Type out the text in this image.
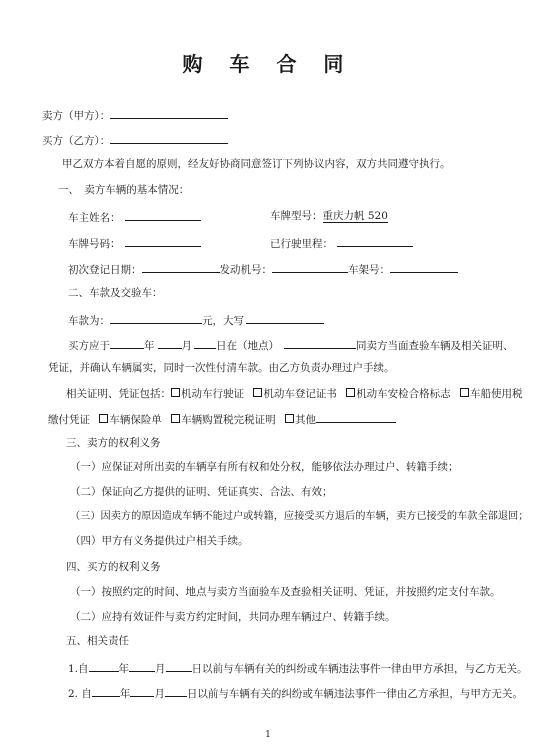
购 车 合 同
卖方（甲方）：
买方（乙方）：
甲乙双方本着自愿的原则，经友好协商同意签订下列协议内容，双方共同遵守执行。
一、　卖方车辆的基本情况：
车主姓名：	车牌型号：重庆力帆 520
车牌号码：	已行驶里程：
初次登记日期：	发动机号：	车架号：
二、车款及交验车：
车款为：	元，大写
买方应于	年	月 日在（地点）	同卖方当面查验车辆及相关证明、
凭证，并确认车辆属实，同时一次性付清车款。由乙方负责办理过户手续。
相关证明、凭证包括： 机动车行驶证 机动车登记证书 机动车安检合格标志 车船使用税
缴付凭证 车辆保险单 车辆购置税完税证明 其他
三、卖方的权利义务
（一）应保证对所出卖的车辆享有所有权和处分权，能够依法办理过户、转籍手续；
（二）保证向乙方提供的证明、凭证真实、合法、有效；
（三）因卖方的原因造成车辆不能过户或转籍，应接受买方退后的车辆，卖方已接受的车款全部退回；
（四）甲方有义务提供过户相关手续。
四、买方的权利义务
（一）按照约定的时间、地点与卖方当面验车及查验相关证明、凭证，并按照约定支付车款。
（二）应持有效证件与卖方约定时间，共同办理车辆过户、转籍手续。
五、相关责任
1.自	年 月 日以前与车辆有关的纠纷或车辆违法事件一律由甲方承担，与乙方无关。
2. 自	年 月 日以前与车辆有关的纠纷或车辆违法事件一律由乙方承担，与甲方无关。
1
